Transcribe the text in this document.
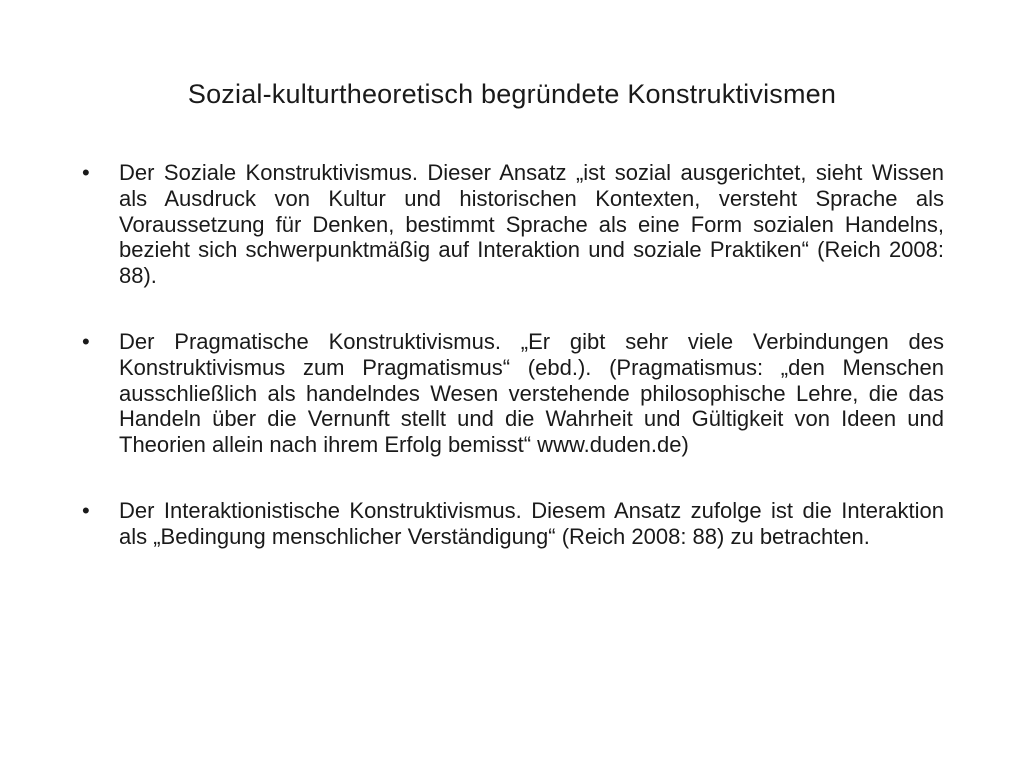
Sozial-kulturtheoretisch begründete Konstruktivismen
• Der Soziale Konstruktivismus. Dieser Ansatz „ist sozial ausgerichtet, sieht Wissen als Ausdruck von Kultur und historischen Kontexten, versteht Sprache als Voraussetzung für Denken, bestimmt Sprache als eine Form sozialen Handelns, bezieht sich schwerpunktmäßig auf Interaktion und soziale Praktiken“ (Reich 2008: 88).
• Der Pragmatische Konstruktivismus. „Er gibt sehr viele Verbindungen des Konstruktivismus zum Pragmatismus“ (ebd.). (Pragmatismus: „den Menschen ausschließlich als handelndes Wesen verstehende philosophische Lehre, die das Handeln über die Vernunft stellt und die Wahrheit und Gültigkeit von Ideen und Theorien allein nach ihrem Erfolg bemisst“ www.duden.de)
• Der Interaktionistische Konstruktivismus. Diesem Ansatz zufolge ist die Interaktion als „Bedingung menschlicher Verständigung“ (Reich 2008: 88) zu betrachten.
